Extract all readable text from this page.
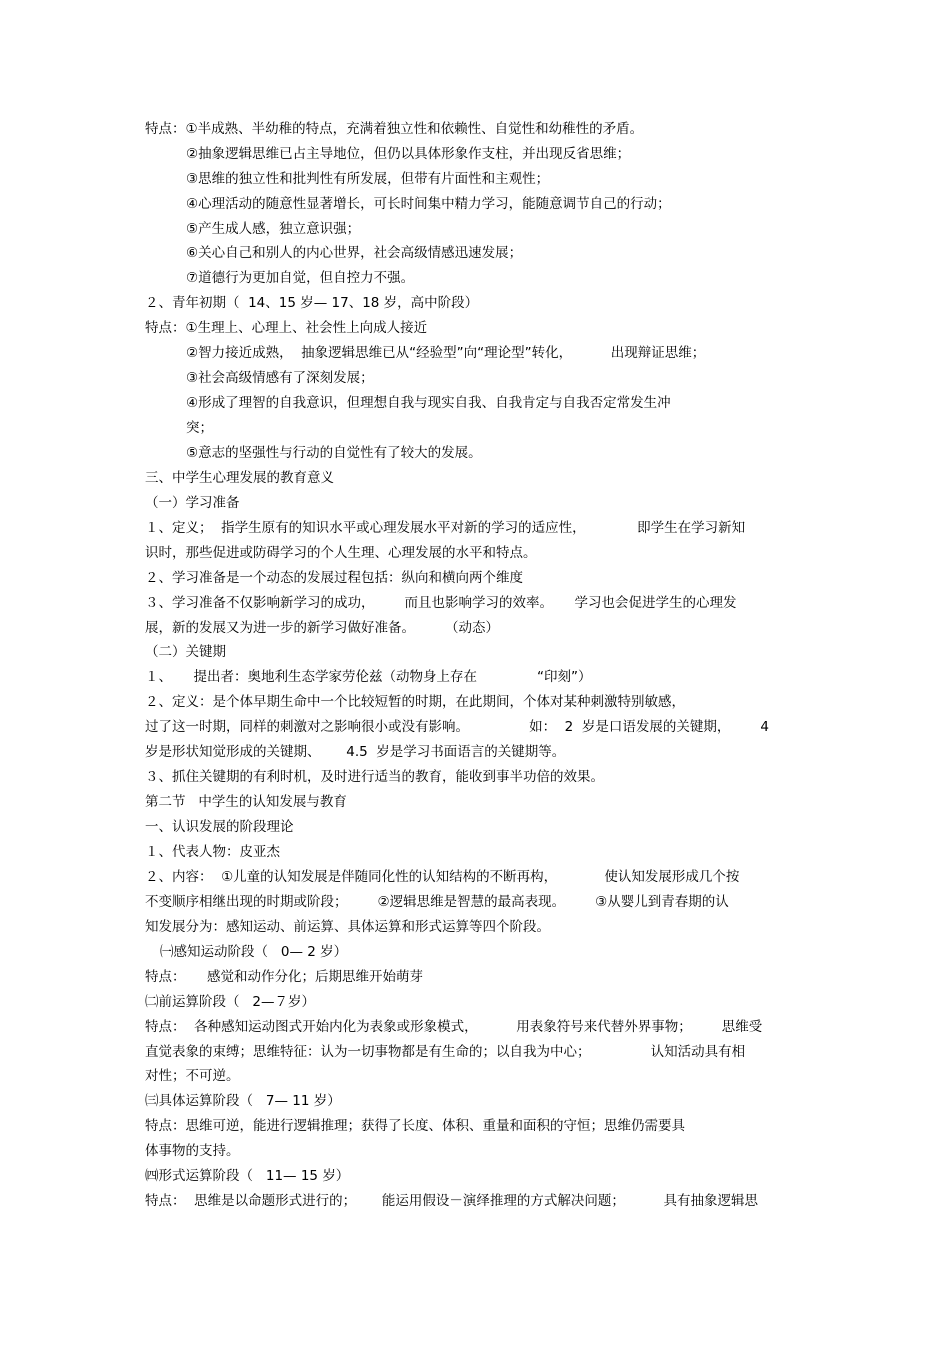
特点：①半成熟、半幼稚的特点，充满着独立性和依赖性、自觉性和幼稚性的矛盾。
②抽象逻辑思维已占主导地位，但仍以具体形象作支柱，并出现反省思维；
③思维的独立性和批判性有所发展，但带有片面性和主观性；
④心理活动的随意性显著增长，可长时间集中精力学习，能随意调节自己的行动；
⑤产生成人感，独立意识强；
⑥关心自己和别人的内心世界，社会高级情感迅速发展；
⑦道德行为更加自觉，但自控力不强。
２、青年初期（  14、15 岁— 17、18 岁，高中阶段）
特点：①生理上、心理上、社会性上向成人接近
②智力接近成熟，  抽象逻辑思维已从“经验型”向“理论型”转化，         出现辩证思维；
③社会高级情感有了深刻发展；
④形成了理智的自我意识，但理想自我与现实自我、自我肯定与自我否定常发生冲
突；
⑤意志的坚强性与行动的自觉性有了较大的发展。
三、中学生心理发展的教育意义
（一）学习准备
１、定义；  指学生原有的知识水平或心理发展水平对新的学习的适应性，            即学生在学习新知
识时，那些促进或防碍学习的个人生理、心理发展的水平和特点。
２、学习准备是一个动态的发展过程包括：纵向和横向两个维度
３、学习准备不仅影响新学习的成功，       而且也影响学习的效率。     学习也会促进学生的心理发
展，新的发展又为进一步的新学习做好准备。       （动态）
（二）关键期
１、     提出者：奥地利生态学家劳伦兹（动物身上存在              “印刻”）
２、定义：是个体早期生命中一个比较短暂的时期，在此期间，个体对某种刺激特别敏感，
过了这一时期，同样的刺激对之影响很小或没有影响。              如：  2  岁是口语发展的关键期，       4
岁是形状知觉形成的关键期、      4.5  岁是学习书面语言的关键期等。
３、抓住关键期的有利时机，及时进行适当的教育，能收到事半功倍的效果。
第二节   中学生的认知发展与教育
一、认识发展的阶段理论
１、代表人物：皮亚杰
２、内容：  ①儿童的认知发展是伴随同化性的认知结构的不断再构，           使认知发展形成几个按
不变顺序相继出现的时期或阶段；       ②逻辑思维是智慧的最高表现。       ③从婴儿到青春期的认
知发展分为：感知运动、前运算、具体运算和形式运算等四个阶段。
㈠感知运动阶段（   0— 2 岁）
特点：     感觉和动作分化；后期思维开始萌芽
㈡前运算阶段（   2—７岁）
特点：  各种感知运动图式开始内化为表象或形象模式，         用表象符号来代替外界事物；       思维受
直觉表象的束缚；思维特征：认为一切事物都是有生命的；以自我为中心；              认知活动具有相
对性；不可逆。
㈢具体运算阶段（   7— 11 岁）
特点：思维可逆，能进行逻辑推理；获得了长度、体积、重量和面积的守恒；思维仍需要具
体事物的支持。
㈣形式运算阶段（   11— 15 岁）
特点：  思维是以命题形式进行的；      能运用假设－演绎推理的方式解决问题；         具有抽象逻辑思
